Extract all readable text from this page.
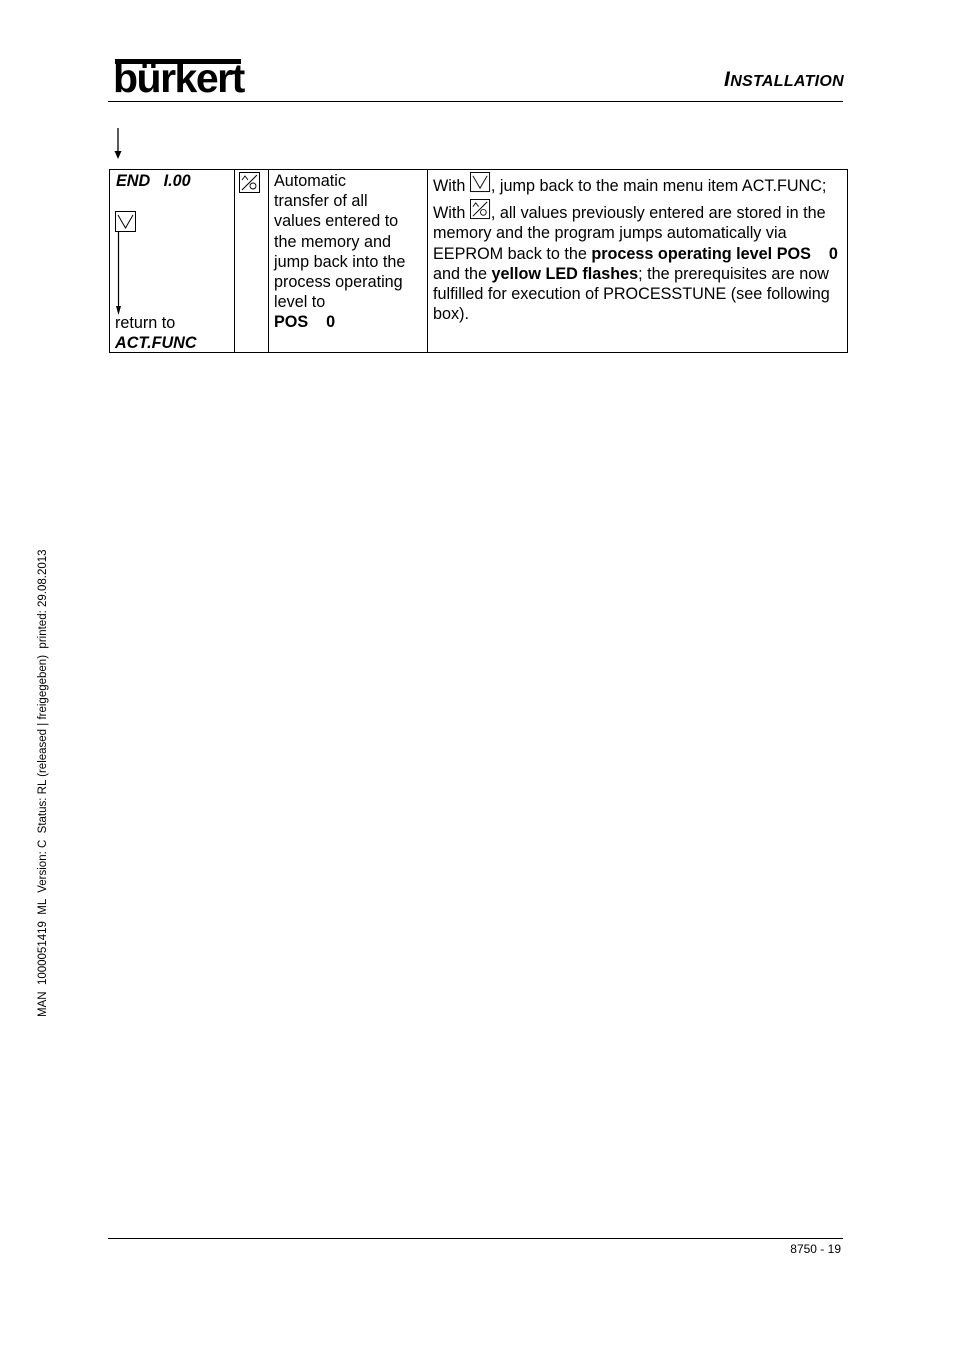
bürkert	INSTALLATION
END   I.00
return to
ACT.FUNC

Automatic
transfer of all
values entered to
the memory and
jump back into the
process operating
level to
POS    0

With , jump back to the main menu item ACT.FUNC;
With , all values previously entered are stored in the memory and the program jumps automatically via EEPROM back to the process operating level POS    0 and the yellow LED flashes; the prerequisites are now fulfilled for execution of PROCESSTUNE (see following box).
MAN  1000051419  ML  Version: C  Status: RL (released | freigegeben)  printed: 29.08.2013
8750 - 19
